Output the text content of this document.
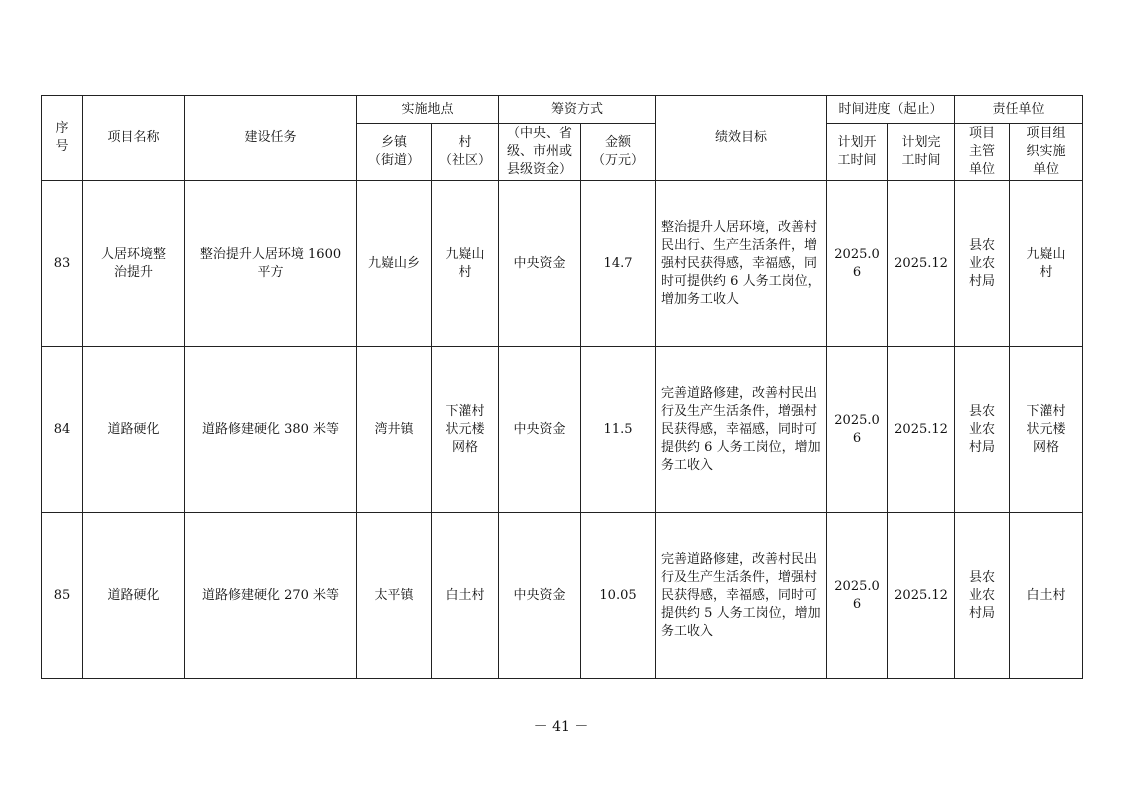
序
号	项目名称	建设任务	实施地点		筹资方式		绩效目标	时间进度（起止）		责任单位	
			乡镇
（街道）	村
（社区）	（中央、省
级、市州或
县级资金）	金额
（万元）		计划开
工时间	计划完
工时间	项目
主管
单位	项目组
织实施
单位
83	人居环境整
治提升	整治提升人居环境 1600
平方	九嶷山乡	九嶷山
村	中央资金	14.7	整治提升人居环境，改善村民出行、生产生活条件，增强村民获得感，幸福感，同时可提供约 6 人务工岗位，增加务工收人	2025.0
6	2025.12	县农
业农
村局	九嶷山
村
84	道路硬化	道路修建硬化 380 米等	湾井镇	下灌村
状元楼
网格	中央资金	11.5	完善道路修建，改善村民出行及生产生活条件，增强村民获得感，幸福感，同时可提供约 6 人务工岗位，增加务工收入	2025.0
6	2025.12	县农
业农
村局	下灌村
状元楼
网格
85	道路硬化	道路修建硬化 270 米等	太平镇	白土村	中央资金	10.05	完善道路修建，改善村民出行及生产生活条件，增强村民获得感，幸福感，同时可提供约 5 人务工岗位，增加务工收入	2025.0
6	2025.12	县农
业农
村局	白土村
－ 41 －
